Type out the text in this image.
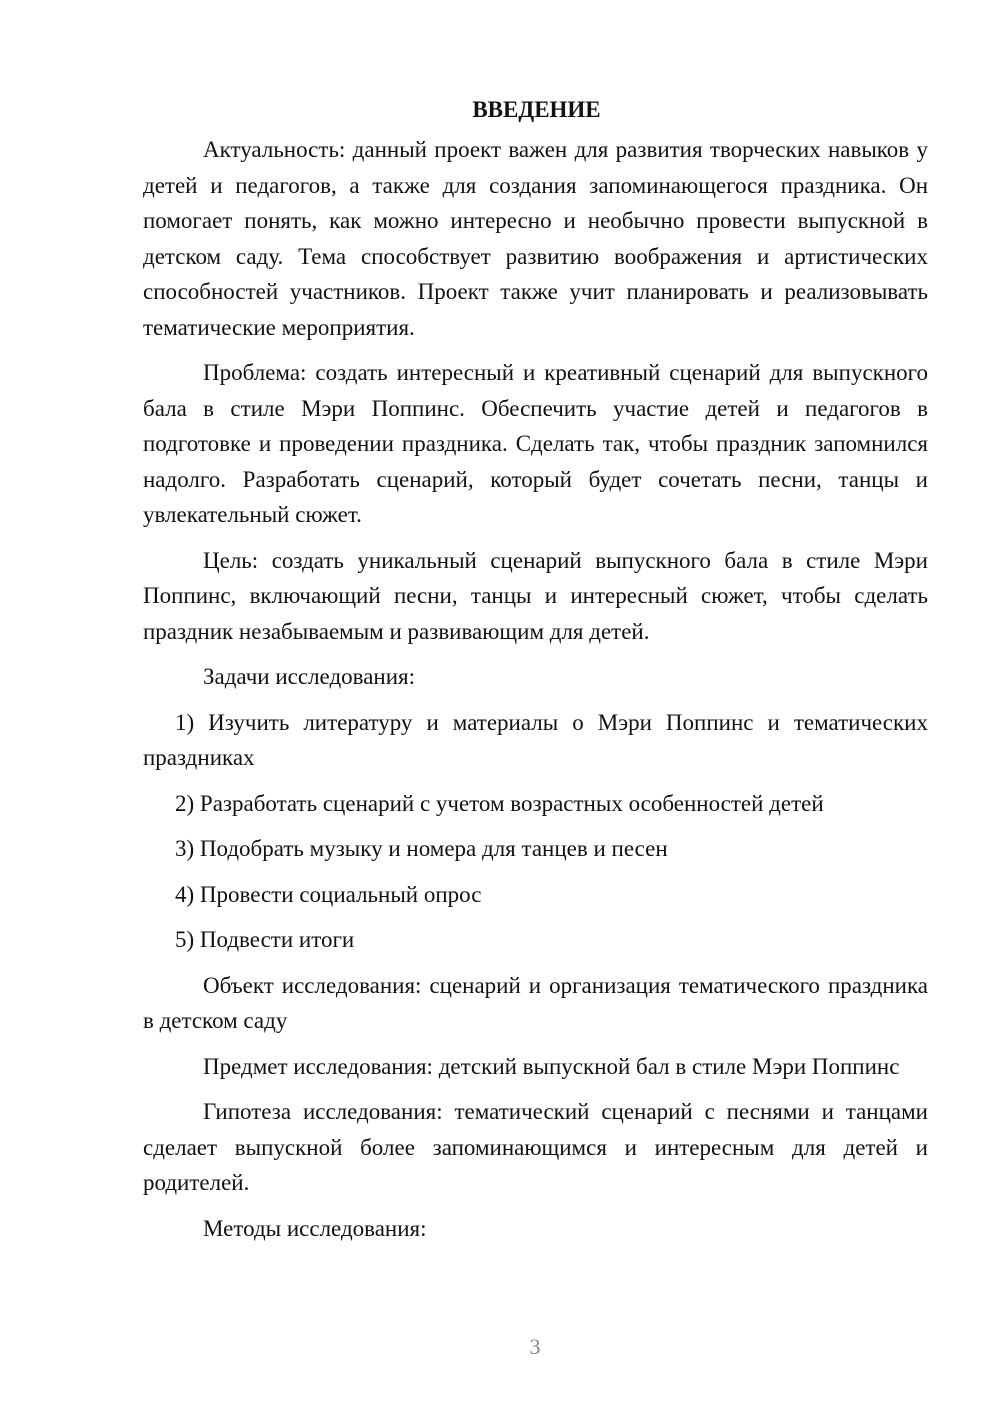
ВВЕДЕНИЕ

Актуальность: данный проект важен для развития творческих навыков у детей и педагогов, а также для создания запоминающегося праздника. Он помогает понять, как можно интересно и необычно провести выпускной в детском саду. Тема способствует развитию воображения и артистических способностей участников. Проект также учит планировать и реализовывать тематические мероприятия.

Проблема: создать интересный и креативный сценарий для выпускного бала в стиле Мэри Поппинс. Обеспечить участие детей и педагогов в подготовке и проведении праздника. Сделать так, чтобы праздник запомнился надолго. Разработать сценарий, который будет сочетать песни, танцы и увлекательный сюжет.

Цель: создать уникальный сценарий выпускного бала в стиле Мэри Поппинс, включающий песни, танцы и интересный сюжет, чтобы сделать праздник незабываемым и развивающим для детей.

Задачи исследования:

1) Изучить литературу и материалы о Мэри Поппинс и тематических праздниках

2) Разработать сценарий с учетом возрастных особенностей детей

3) Подобрать музыку и номера для танцев и песен

4) Провести социальный опрос

5) Подвести итоги

Объект исследования: сценарий и организация тематического праздника в детском саду

Предмет исследования: детский выпускной бал в стиле Мэри Поппинс

Гипотеза исследования: тематический сценарий с песнями и танцами сделает выпускной более запоминающимся и интересным для детей и родителей.

Методы исследования:

3
